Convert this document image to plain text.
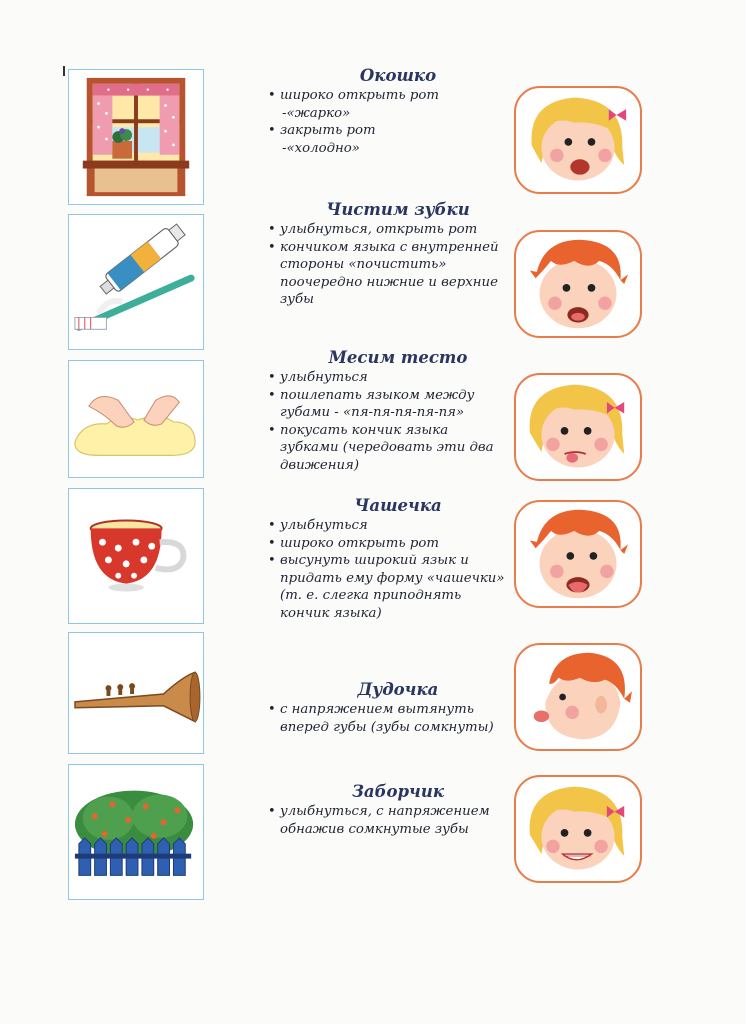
Окошко
• широко открыть рот
-«жарко»
• закрыть рот
-«холодно»
Чистим зубки
• улыбнуться, открыть рот
• кончиком языка с внутренней стороны «почистить» поочередно нижние и верхние зубы
Месим тесто
• улыбнуться
• пошлепать языком между губами - «пя-пя-пя-пя-пя»
• покусать кончик языка зубками (чередовать эти два движения)
Чашечка
• улыбнуться
• широко открыть рот
• высунуть широкий язык и придать ему форму «чашечки» (т. е. слегка приподнять кончик языка)
Дудочка
• с напряжением вытянуть вперед губы (зубы сомкнуты)
Заборчик
• улыбнуться, с напряжением обнажив сомкнутые зубы
